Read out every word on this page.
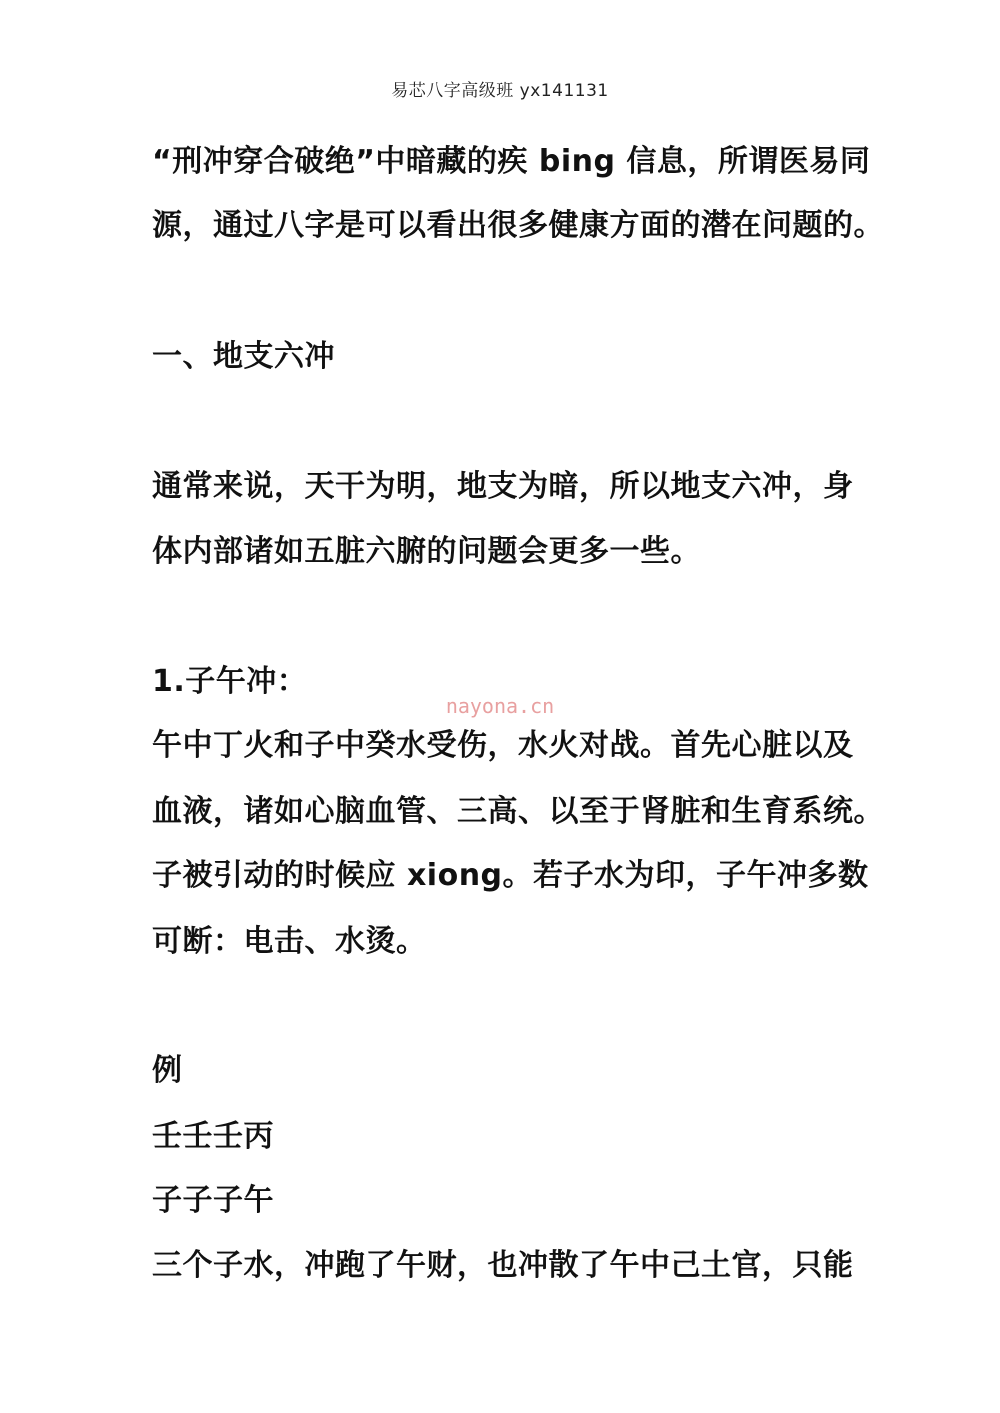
易芯八字高级班 yx141131
“刑冲穿合破绝”中暗藏的疾 bing 信息，所谓医易同
源，通过八字是可以看出很多健康方面的潜在问题的。
一、地支六冲
通常来说，天干为明，地支为暗，所以地支六冲，身
体内部诸如五脏六腑的问题会更多一些。
1.子午冲：
nayona.cn
午中丁火和子中癸水受伤，水火对战。首先心脏以及
血液，诸如心脑血管、三高、以至于肾脏和生育系统。
子被引动的时候应 xiong。若子水为印，子午冲多数
可断：电击、水烫。
例
壬壬壬丙
子子子午
三个子水，冲跑了午财，也冲散了午中己土官，只能
